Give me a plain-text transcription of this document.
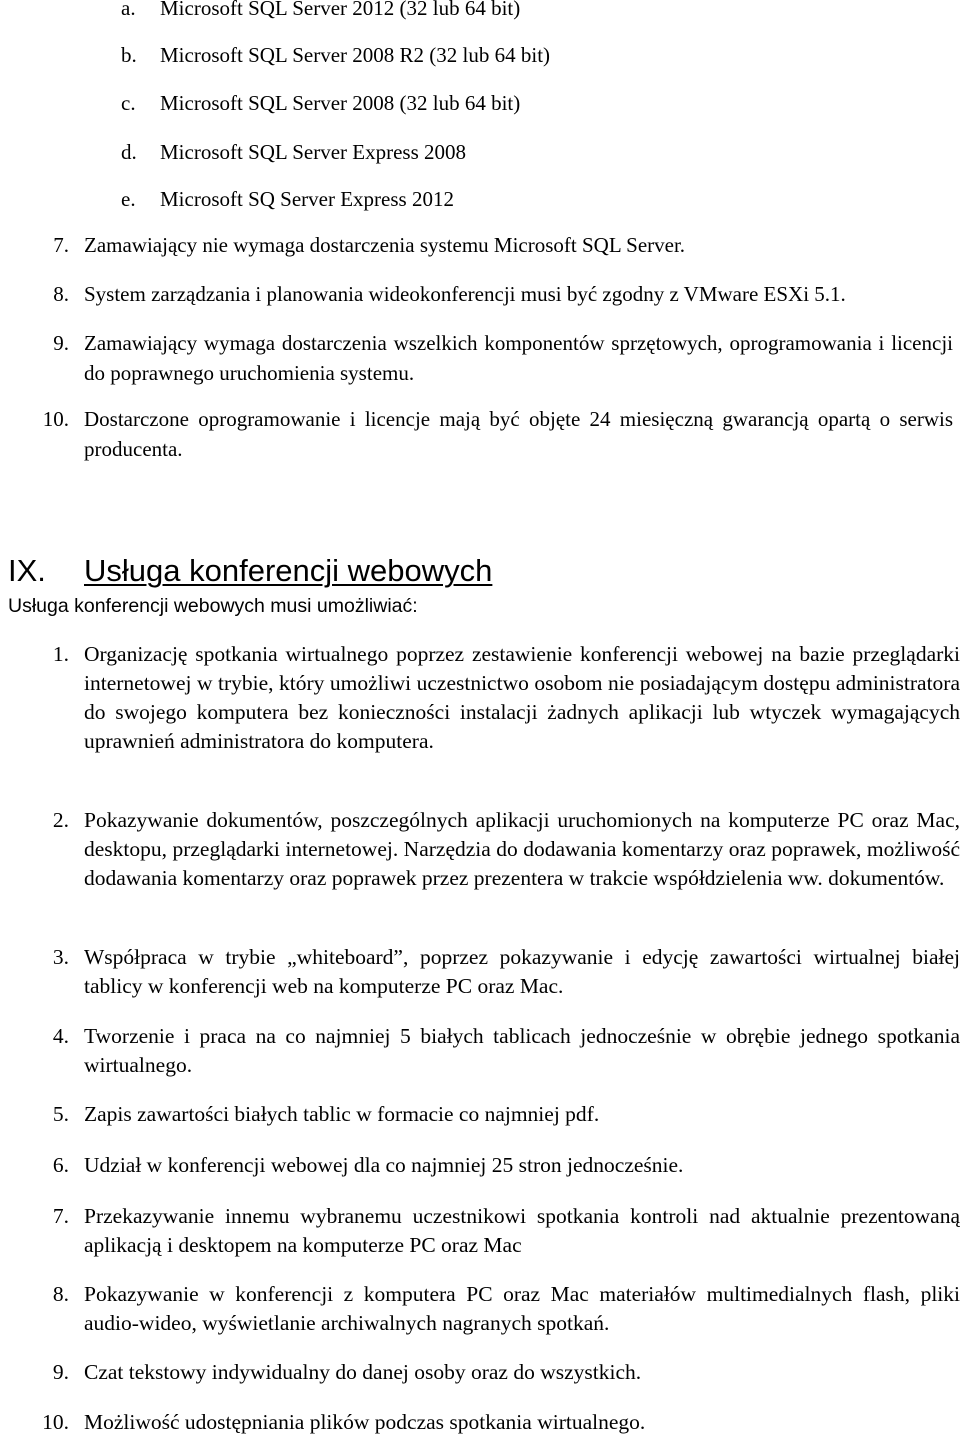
a. Microsoft SQL Server 2012 (32 lub 64 bit)
b. Microsoft SQL Server 2008 R2 (32 lub 64 bit)
c. Microsoft SQL Server 2008 (32 lub 64 bit)
d. Microsoft SQL Server Express 2008
e. Microsoft SQ Server Express 2012
7. Zamawiający nie wymaga dostarczenia systemu Microsoft SQL Server.
8. System zarządzania i planowania wideokonferencji musi być zgodny z VMware ESXi 5.1.
9. Zamawiający wymaga dostarczenia wszelkich komponentów sprzętowych, oprogramowania i licencji do poprawnego uruchomienia systemu.
10. Dostarczone oprogramowanie i licencje mają być objęte 24 miesięczną gwarancją opartą o serwis producenta.
IX. Usługa konferencji webowych
Usługa konferencji webowych musi umożliwiać:
1. Organizację spotkania wirtualnego poprzez zestawienie konferencji webowej na bazie przeglądarki internetowej w trybie, który umożliwi uczestnictwo osobom nie posiadającym dostępu administratora do swojego komputera bez konieczności instalacji żadnych aplikacji lub wtyczek wymagających uprawnień administratora do komputera.
2. Pokazywanie dokumentów, poszczególnych aplikacji uruchomionych na komputerze PC oraz Mac, desktopu, przeglądarki internetowej. Narzędzia do dodawania komentarzy oraz poprawek, możliwość dodawania komentarzy oraz poprawek przez prezentera w trakcie współdzielenia ww. dokumentów.
3. Współpraca w trybie „whiteboard”, poprzez pokazywanie i edycję zawartości wirtualnej białej tablicy w konferencji web na komputerze PC oraz Mac.
4. Tworzenie i praca na co najmniej 5 białych tablicach jednocześnie w obrębie jednego spotkania wirtualnego.
5. Zapis zawartości białych tablic w formacie co najmniej pdf.
6. Udział w konferencji webowej dla co najmniej 25 stron jednocześnie.
7. Przekazywanie innemu wybranemu uczestnikowi spotkania kontroli nad aktualnie prezentowaną aplikacją i desktopem na komputerze PC oraz Mac
8. Pokazywanie w konferencji z komputera PC oraz Mac materiałów multimedialnych flash, pliki audio-wideo, wyświetlanie archiwalnych nagranych spotkań.
9. Czat tekstowy indywidualny do danej osoby oraz do wszystkich.
10. Możliwość udostępniania plików podczas spotkania wirtualnego.
